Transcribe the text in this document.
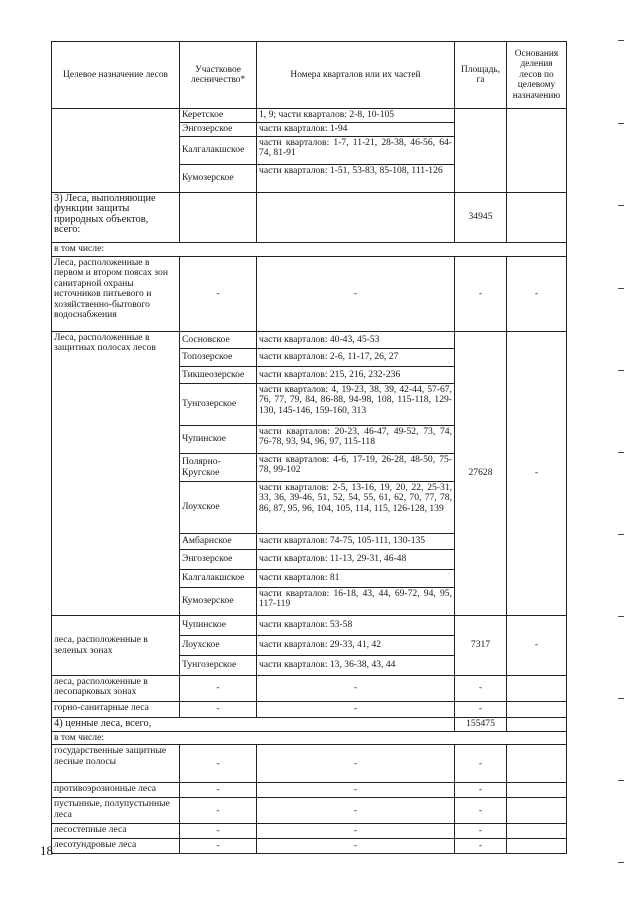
Целевое назначение лесов	Участковое лесничество*	Номера кварталов или их частей	Площадь, га	Основания деления лесов по целевому назначению
	Керетское	1, 9; части кварталов: 2-8, 10-105		
	Энгозерское	части кварталов: 1-94		
	Калгалакшское	части кварталов: 1-7, 11-21, 28-38, 46-56, 64-74, 81-91		
	Кумозерское	части кварталов: 1-51, 53-83, 85-108, 111-126		
3) Леса, выполняющие функции защиты природных объектов, всего:			34945	
в том числе:				
Леса, расположенные в первом и втором поясах зон санитарной охраны источников питьевого и хозяйственно-бытового водоснабжения	-	-	-	-
Леса, расположенные в защитных полосах лесов	Сосновское	части кварталов: 40-43, 45-53	27628	-
	Топозерское	части кварталов: 2-6, 11-17, 26, 27		
	Тикшеозерское	части кварталов: 215, 216, 232-236		
	Тунгозерское	части кварталов: 4, 19-23, 38, 39, 42-44, 57-67, 76, 77, 79, 84, 86-88, 94-98, 108, 115-118, 129-130, 145-146, 159-160, 313		
	Чупинское	части кварталов: 20-23, 46-47, 49-52, 73, 74, 76-78, 93, 94, 96, 97, 115-118		
	Полярно-Кругское	части кварталов: 4-6, 17-19, 26-28, 48-50, 75-78, 99-102		
	Лоухское	части кварталов: 2-5, 13-16, 19, 20, 22, 25-31, 33, 36, 39-46, 51, 52, 54, 55, 61, 62, 70, 77, 78, 86, 87, 95, 96, 104, 105, 114, 115, 126-128, 139		
	Амбарнское	части кварталов: 74-75, 105-111, 130-135		
	Энгозерское	части кварталов: 11-13, 29-31, 46-48		
	Калгалакшское	части кварталов: 81		
	Кумозерское	части кварталов: 16-18, 43, 44, 69-72, 94, 95, 117-119		
леса, расположенные в зеленых зонах	Чупинское	части кварталов: 53-58	7317	-
	Лоухское	части кварталов: 29-33, 41, 42		
	Тунгозерское	части кварталов: 13, 36-38, 43, 44		
леса, расположенные в лесопарковых зонах	-	-	-	
горно-санитарные леса	-	-	-	
4) ценные леса, всего,			155475	
в том числе:				
государственные защитные лесные полосы	-	-	-	
противоэрозионные леса	-	-	-	
пустынные, полупустынные леса	-	-	-	
лесостепные леса	-	-	-	
лесотундровые леса	-	-	-	
18
